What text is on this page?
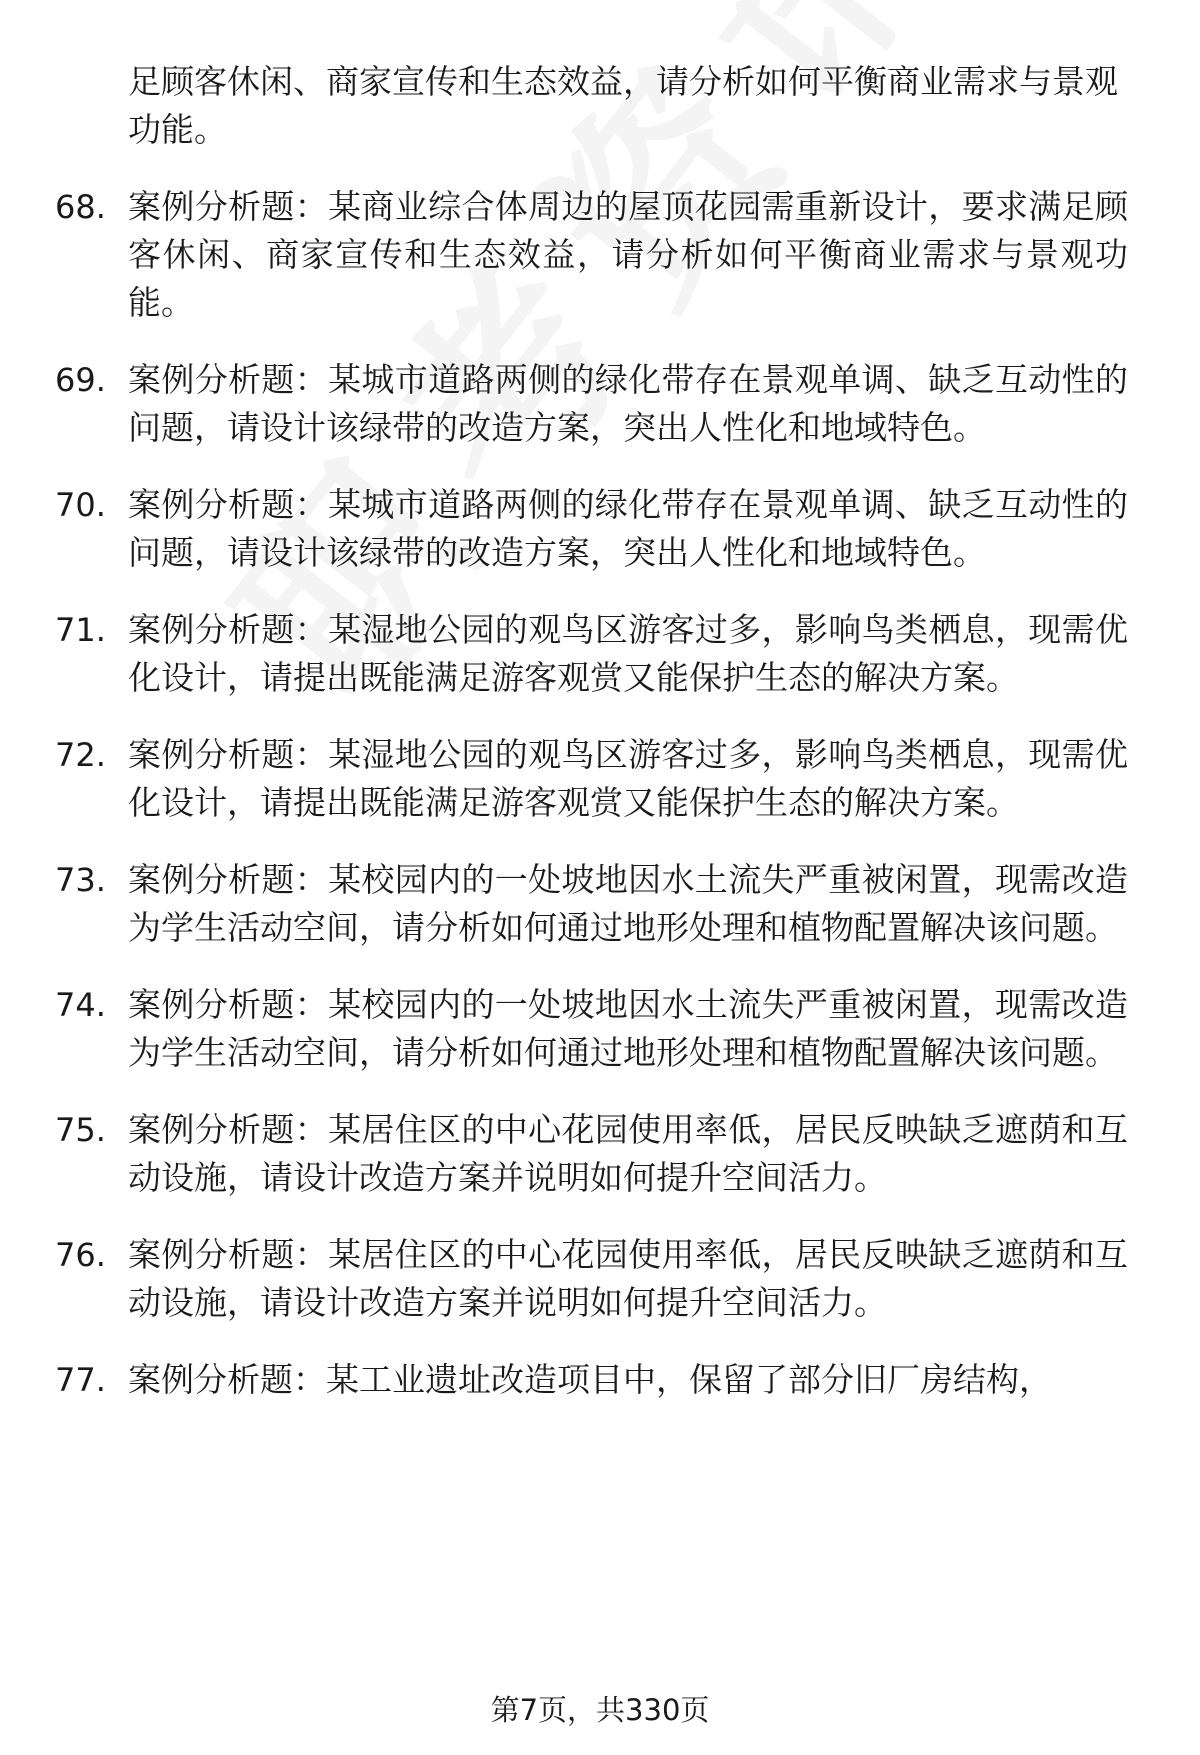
足顾客休闲、商家宣传和生态效益，请分析如何平衡商业需求与景观功能。
68. 案例分析题：某商业综合体周边的屋顶花园需重新设计，要求满足顾客休闲、商家宣传和生态效益，请分析如何平衡商业需求与景观功能。
69. 案例分析题：某城市道路两侧的绿化带存在景观单调、缺乏互动性的问题，请设计该绿带的改造方案，突出人性化和地域特色。
70. 案例分析题：某城市道路两侧的绿化带存在景观单调、缺乏互动性的问题，请设计该绿带的改造方案，突出人性化和地域特色。
71. 案例分析题：某湿地公园的观鸟区游客过多，影响鸟类栖息，现需优化设计，请提出既能满足游客观赏又能保护生态的解决方案。
72. 案例分析题：某湿地公园的观鸟区游客过多，影响鸟类栖息，现需优化设计，请提出既能满足游客观赏又能保护生态的解决方案。
73. 案例分析题：某校园内的一处坡地因水土流失严重被闲置，现需改造为学生活动空间，请分析如何通过地形处理和植物配置解决该问题。
74. 案例分析题：某校园内的一处坡地因水土流失严重被闲置，现需改造为学生活动空间，请分析如何通过地形处理和植物配置解决该问题。
75. 案例分析题：某居住区的中心花园使用率低，居民反映缺乏遮荫和互动设施，请设计改造方案并说明如何提升空间活力。
76. 案例分析题：某居住区的中心花园使用率低，居民反映缺乏遮荫和互动设施，请设计改造方案并说明如何提升空间活力。
77. 案例分析题：某工业遗址改造项目中，保留了部分旧厂房结构，
第7页，共330页
